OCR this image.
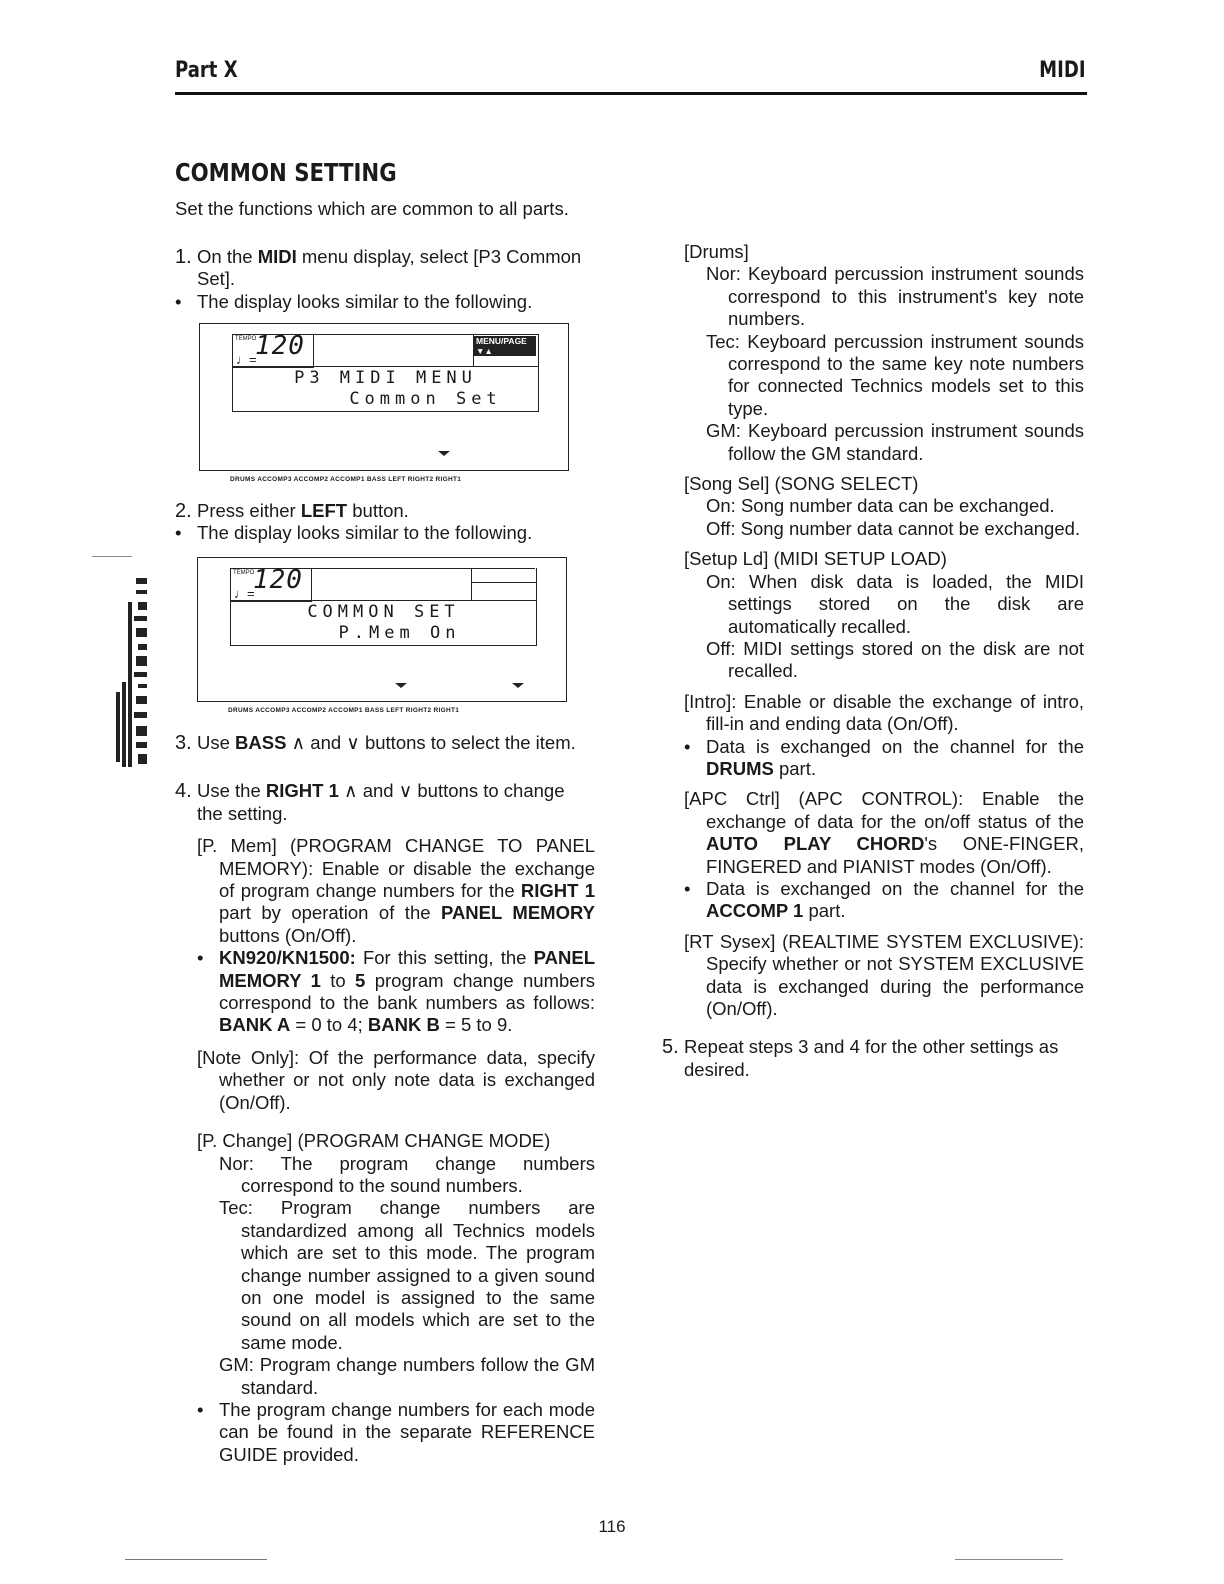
Part X	MIDI
COMMON SETTING
Set the functions which are common to all parts.
1. On the MIDI menu display, select [P3 Common Set].
• The display looks similar to the following.
TEMPO
♩=
120	MENU/PAGE ▼▲
P3 MIDI MENU
Common Set
DRUMS ACCOMP3 ACCOMP2 ACCOMP1 BASS LEFT RIGHT2 RIGHT1
2. Press either LEFT button.
• The display looks similar to the following.
TEMPO
♩=
120
COMMON SET
P.Mem On
DRUMS ACCOMP3 ACCOMP2 ACCOMP1 BASS LEFT RIGHT2 RIGHT1
3. Use BASS ∧ and ∨ buttons to select the item.
4. Use the RIGHT 1 ∧ and ∨ buttons to change the setting.
[P. Mem] (PROGRAM CHANGE TO PANEL MEMORY): Enable or disable the exchange of program change numbers for the RIGHT 1 part by operation of the PANEL MEMORY buttons (On/Off).
• KN920/KN1500: For this setting, the PANEL MEMORY 1 to 5 program change numbers correspond to the bank numbers as follows: BANK A = 0 to 4; BANK B = 5 to 9.
[Note Only]: Of the performance data, specify whether or not only note data is exchanged (On/Off).
[P. Change] (PROGRAM CHANGE MODE)
Nor: The program change numbers correspond to the sound numbers.
Tec: Program change numbers are standardized among all Technics models which are set to this mode. The program change number assigned to a given sound on one model is assigned to the same sound on all models which are set to the same mode.
GM: Program change numbers follow the GM standard.
• The program change numbers for each mode can be found in the separate REFERENCE GUIDE provided.
[Drums]
Nor: Keyboard percussion instrument sounds correspond to this instrument's key note numbers.
Tec: Keyboard percussion instrument sounds correspond to the same key note numbers for connected Technics models set to this type.
GM: Keyboard percussion instrument sounds follow the GM standard.
[Song Sel] (SONG SELECT)
On: Song number data can be exchanged.
Off: Song number data cannot be exchanged.
[Setup Ld] (MIDI SETUP LOAD)
On: When disk data is loaded, the MIDI settings stored on the disk are automatically recalled.
Off: MIDI settings stored on the disk are not recalled.
[Intro]: Enable or disable the exchange of intro, fill-in and ending data (On/Off).
• Data is exchanged on the channel for the DRUMS part.
[APC Ctrl] (APC CONTROL): Enable the exchange of data for the on/off status of the AUTO PLAY CHORD's ONE-FINGER, FINGERED and PIANIST modes (On/Off).
• Data is exchanged on the channel for the ACCOMP 1 part.
[RT Sysex] (REALTIME SYSTEM EXCLUSIVE): Specify whether or not SYSTEM EXCLUSIVE data is exchanged during the performance (On/Off).
5. Repeat steps 3 and 4 for the other settings as desired.
116
